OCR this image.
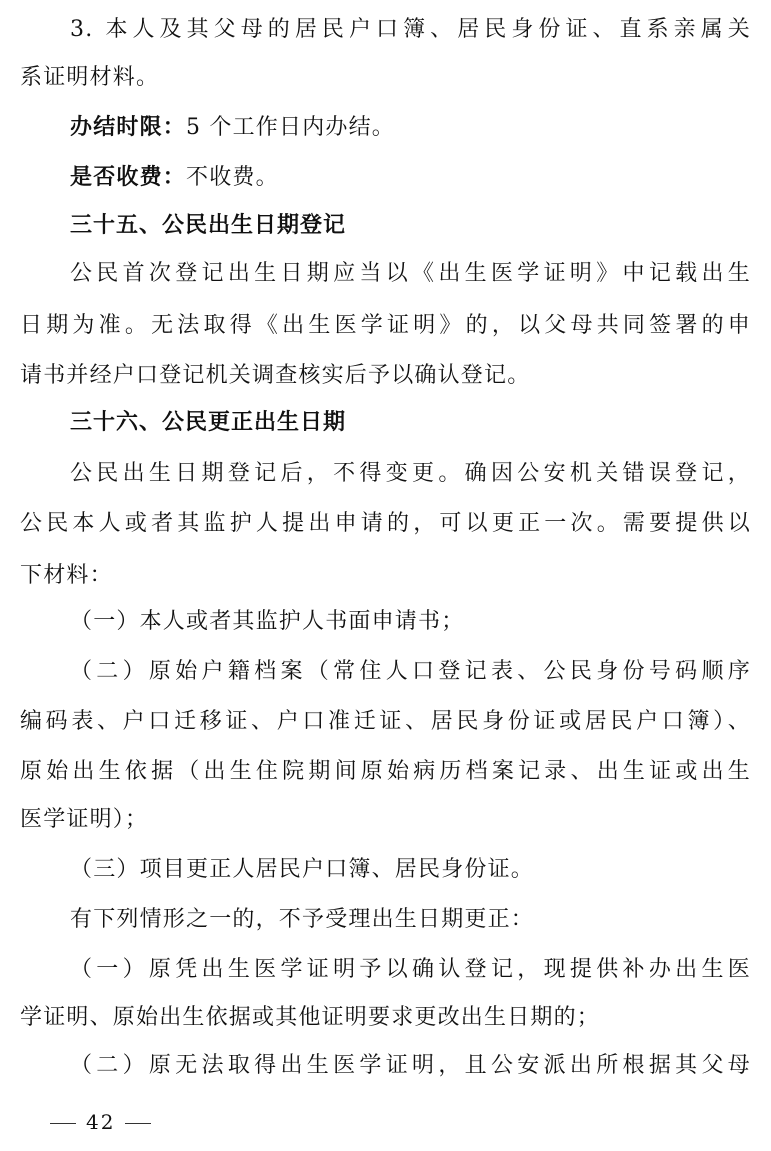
3. 本人及其父母的居民户口簿、居民身份证、直系亲属关
系证明材料。
办结时限：5 个工作日内办结。
是否收费：不收费。
三十五、公民出生日期登记
公民首次登记出生日期应当以《出生医学证明》中记载出生
日期为准。无法取得《出生医学证明》的，以父母共同签署的申
请书并经户口登记机关调查核实后予以确认登记。
三十六、公民更正出生日期
公民出生日期登记后，不得变更。确因公安机关错误登记，
公民本人或者其监护人提出申请的，可以更正一次。需要提供以
下材料：
（一）本人或者其监护人书面申请书；
（二）原始户籍档案（常住人口登记表、公民身份号码顺序
编码表、户口迁移证、户口准迁证、居民身份证或居民户口簿）、
原始出生依据（出生住院期间原始病历档案记录、出生证或出生
医学证明）；
（三）项目更正人居民户口簿、居民身份证。
有下列情形之一的，不予受理出生日期更正：
（一）原凭出生医学证明予以确认登记，现提供补办出生医
学证明、原始出生依据或其他证明要求更改出生日期的；
（二）原无法取得出生医学证明，且公安派出所根据其父母
42
